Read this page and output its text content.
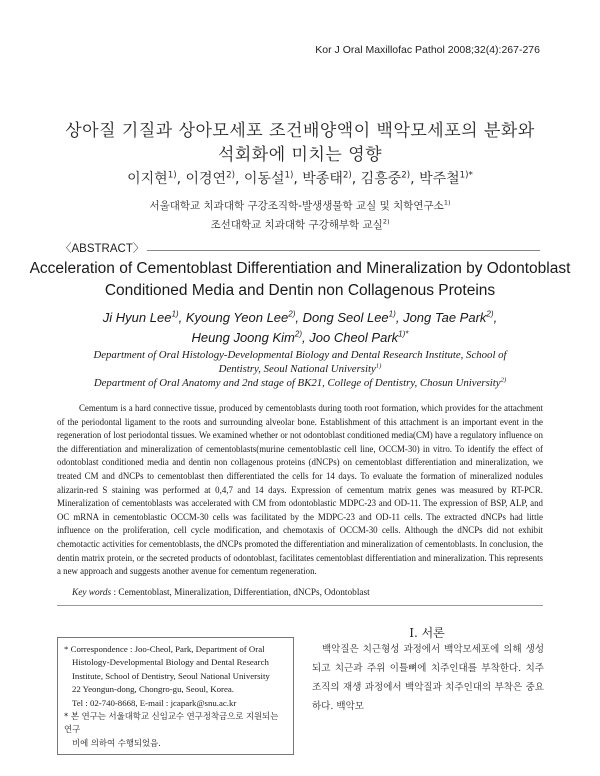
Kor J Oral Maxillofac Pathol 2008;32(4):267-276
상아질 기질과 상아모세포 조건배양액이 백악모세포의 분화와
석회화에 미치는 영향
이지현$^{1)}$, 이경연$^{2)}$, 이동설$^{1)}$, 박종태$^{2)}$, 김흥중$^{2)}$, 박주철$^{1)*}$
서울대학교 치과대학 구강조직학-발생생물학 교실 및 치학연구소$^{1)}$
조선대학교 치과대학 구강해부학 교실$^{2)}$
〈ABSTRACT〉
Acceleration of Cementoblast Differentiation and Mineralization by Odontoblast
Conditioned Media and Dentin non Collagenous Proteins
Ji Hyun Lee$^{1)}$, Kyoung Yeon Lee$^{2)}$, Dong Seol Lee$^{1)}$, Jong Tae Park$^{2)}$,
Heung Joong Kim$^{2)}$, Joo Cheol Park$^{1)*}$
Department of Oral Histology-Developmental Biology and Dental Research Institute, School of
Dentistry, Seoul National University$^{1)}$
Department of Oral Anatomy and 2nd stage of BK21, College of Dentistry, Chosun University$^{2)}$
Cementum is a hard connective tissue, produced by cementoblasts during tooth root formation, which provides for the attachment of the periodontal ligament to the roots and surrounding alveolar bone. Establishment of this attachment is an important event in the regeneration of lost periodontal tissues. We examined whether or not odontoblast conditioned media(CM) have a regulatory influence on the differentiation and mineralization of cementoblasts(murine cementoblastic cell line, OCCM-30) in vitro. To identify the effect of odontoblast conditioned media and dentin non collagenous proteins (dNCPs) on cementoblast differentiation and mineralization, we treated CM and dNCPs to cementoblast then differentiated the cells for 14 days. To evaluate the formation of mineralized nodules alizarin-red S staining was performed at 0,4,7 and 14 days. Expression of cementum matrix genes was measured by RT-PCR. Mineralization of cementoblasts was accelerated with CM from odontoblastic MDPC-23 and OD-11. The expression of BSP, ALP, and OC mRNA in cementoblastic OCCM-30 cells was facilitated by the MDPC-23 and OD-11 cells. The extracted dNCPs had little influence on the proliferation, cell cycle modification, and chemotaxis of OCCM-30 cells. Although the dNCPs did not exhibit chemotactic activities for cementoblasts, the dNCPs promoted the differentiation and mineralization of cementoblasts. In conclusion, the dentin matrix protein, or the secreted products of odontoblast, facilitates cementoblast differentiation and mineralization. This represents a new approach and suggests another avenue for cementum regeneration.
Key words : Cementoblast, Mineralization, Differentiation, dNCPs, Odontoblast

* Correspondence : Joo-Cheol, Park, Department of Oral

Histology-Developmental Biology and Dental Research

Institute, School of Dentistry, Seoul National University

22 Yeongun-dong, Chongro-gu, Seoul, Korea.

Tel : 02-740-8668, E-mail : jcapark@snu.ac.kr

* 본 연구는 서울대학교 신임교수 연구정착금으로 지원되는 연구

비에 의하여 수행되었음.

I. 서론
백악질은 치근형성 과정에서 백악모세포에 의해 생성되고 치근과 주위 이틀뼈에 치주인대를 부착한다. 치주조직의 재생 과정에서 백악질과 치주인대의 부착은 중요하다. 백악모
